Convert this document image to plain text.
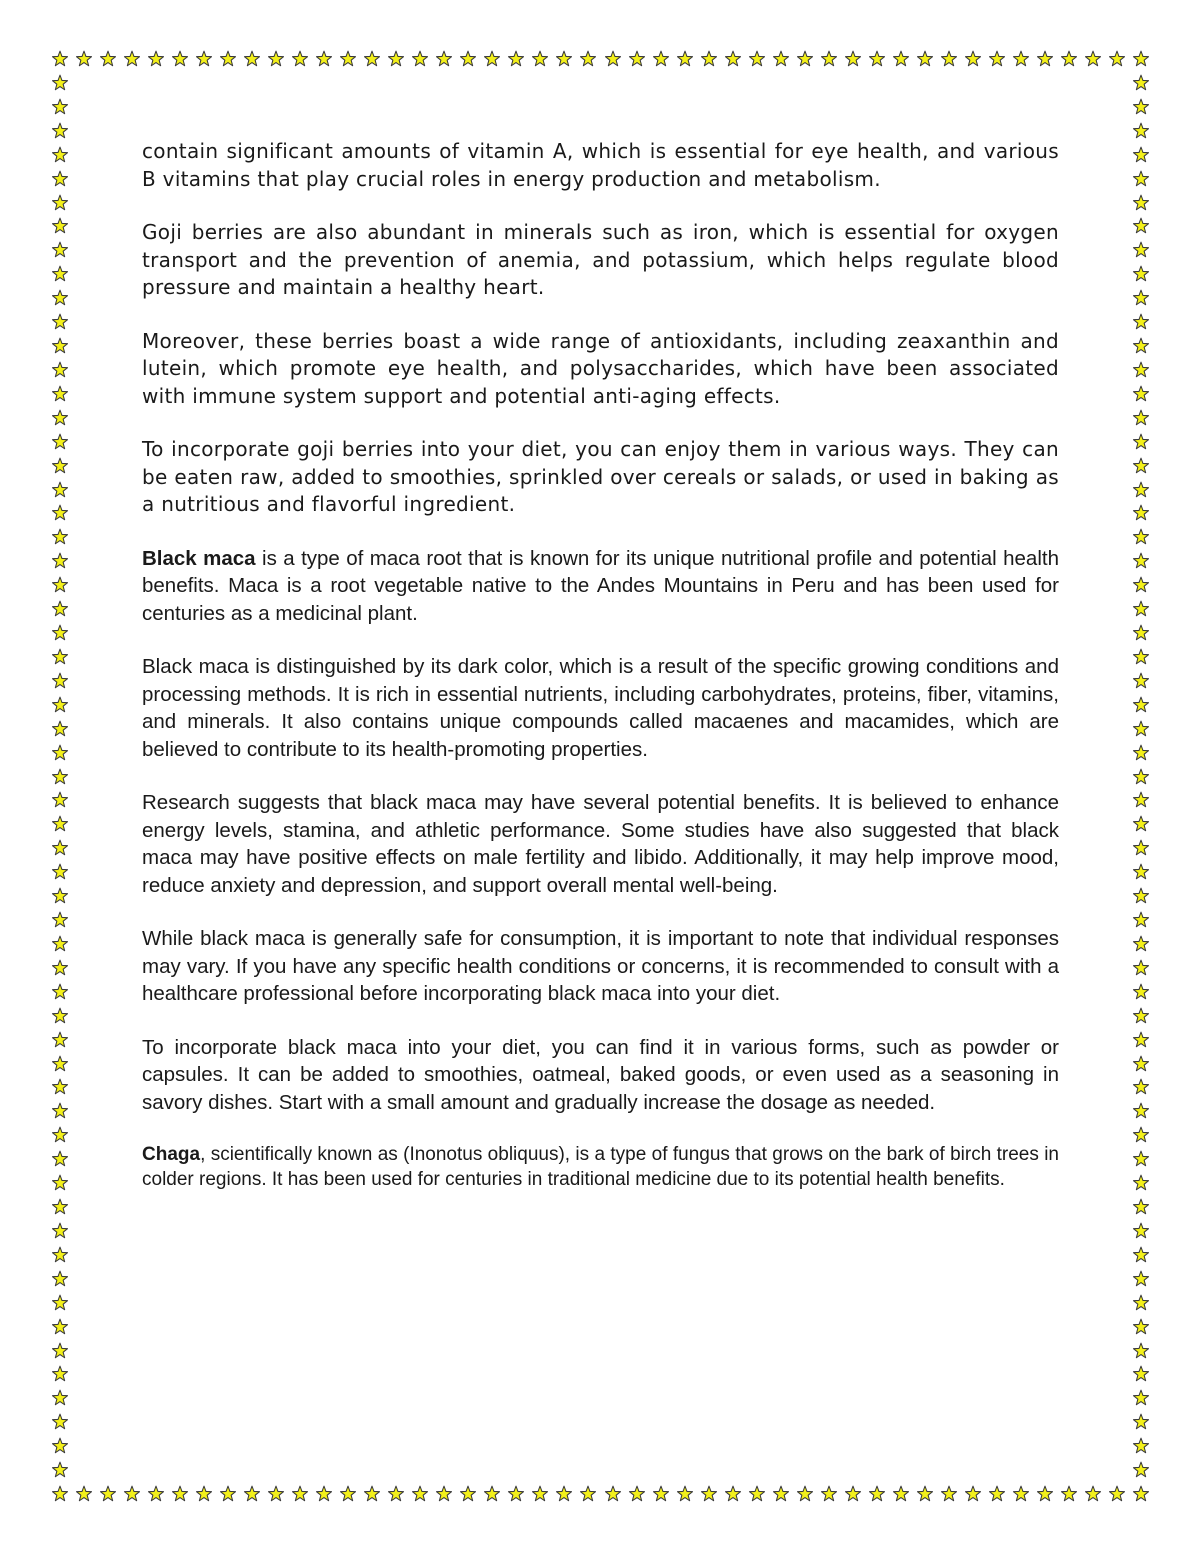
contain significant amounts of vitamin A, which is essential for eye health, and various B vitamins that play crucial roles in energy production and metabolism.

Goji berries are also abundant in minerals such as iron, which is essential for oxygen transport and the prevention of anemia, and potassium, which helps regulate blood pressure and maintain a healthy heart.

Moreover, these berries boast a wide range of antioxidants, including zeaxanthin and lutein, which promote eye health, and polysaccharides, which have been associated with immune system support and potential anti-aging effects.

To incorporate goji berries into your diet, you can enjoy them in various ways. They can be eaten raw, added to smoothies, sprinkled over cereals or salads, or used in baking as a nutritious and flavorful ingredient.

Black maca is a type of maca root that is known for its unique nutritional profile and potential health benefits. Maca is a root vegetable native to the Andes Mountains in Peru and has been used for centuries as a medicinal plant.

Black maca is distinguished by its dark color, which is a result of the specific growing conditions and processing methods. It is rich in essential nutrients, including carbohydrates, proteins, fiber, vitamins, and minerals. It also contains unique compounds called macaenes and macamides, which are believed to contribute to its health-promoting properties.

Research suggests that black maca may have several potential benefits. It is believed to enhance energy levels, stamina, and athletic performance. Some studies have also suggested that black maca may have positive effects on male fertility and libido. Additionally, it may help improve mood, reduce anxiety and depression, and support overall mental well-being.

While black maca is generally safe for consumption, it is important to note that individual responses may vary. If you have any specific health conditions or concerns, it is recommended to consult with a healthcare professional before incorporating black maca into your diet.

To incorporate black maca into your diet, you can find it in various forms, such as powder or capsules. It can be added to smoothies, oatmeal, baked goods, or even used as a seasoning in savory dishes. Start with a small amount and gradually increase the dosage as needed.

Chaga, scientifically known as (Inonotus obliquus), is a type of fungus that grows on the bark of birch trees in colder regions. It has been used for centuries in traditional medicine due to its potential health benefits.
